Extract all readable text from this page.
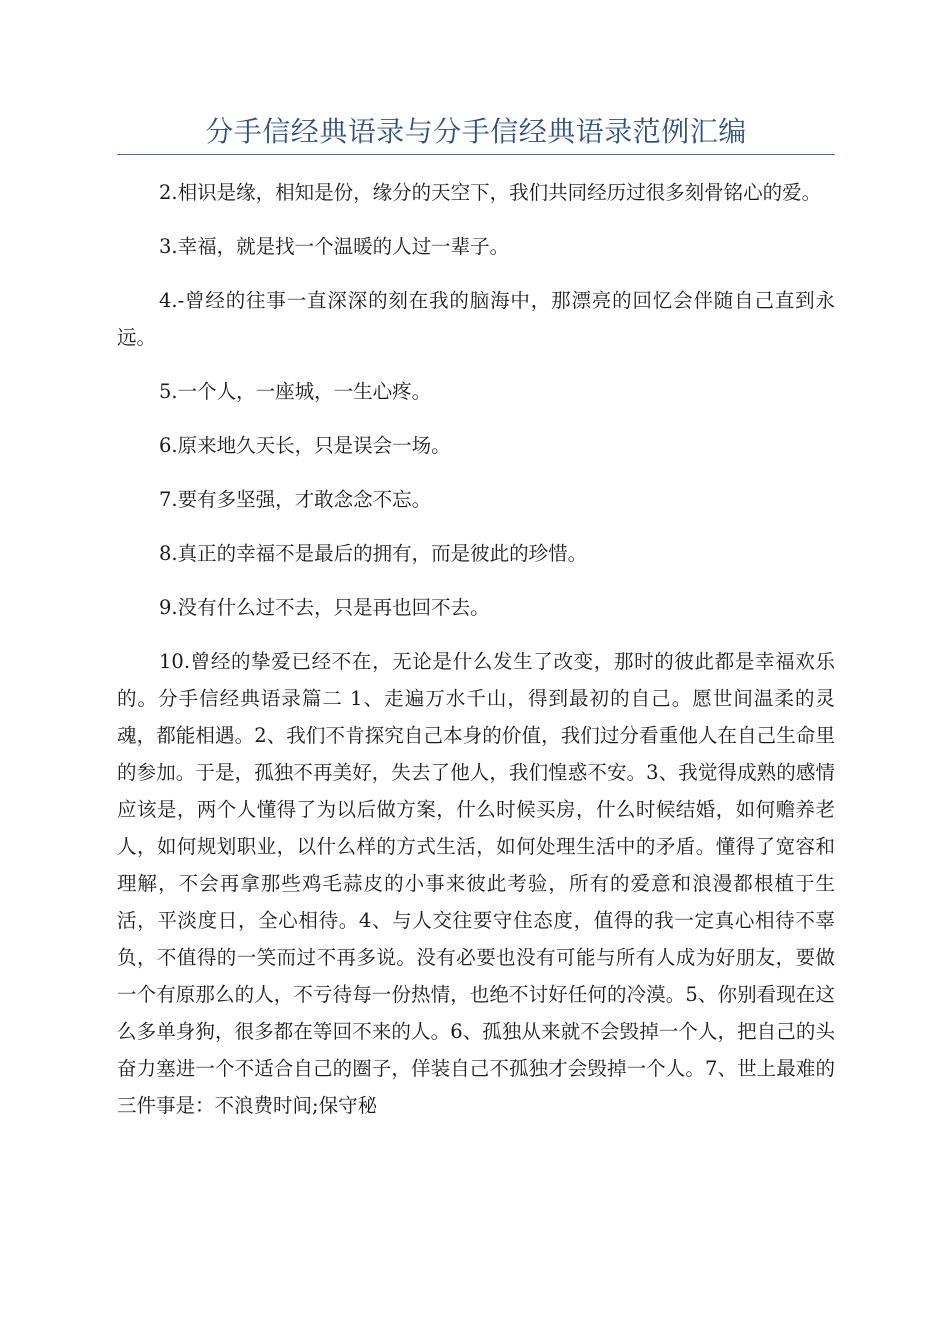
分手信经典语录与分手信经典语录范例汇编

2.相识是缘，相知是份，缘分的天空下，我们共同经历过很多刻骨铭心的爱。

3.幸福，就是找一个温暖的人过一辈子。

4.-曾经的往事一直深深的刻在我的脑海中，那漂亮的回忆会伴随自己直到永远。

5.一个人，一座城，一生心疼。

6.原来地久天长，只是误会一场。

7.要有多坚强，才敢念念不忘。

8.真正的幸福不是最后的拥有，而是彼此的珍惜。

9.没有什么过不去，只是再也回不去。

10.曾经的挚爱已经不在，无论是什么发生了改变，那时的彼此都是幸福欢乐的。分手信经典语录篇二 1、走遍万水千山，得到最初的自己。愿世间温柔的灵魂，都能相遇。2、我们不肯探究自己本身的价值，我们过分看重他人在自己生命里的参加。于是，孤独不再美好，失去了他人，我们惶惑不安。3、我觉得成熟的感情应该是，两个人懂得了为以后做方案，什么时候买房，什么时候结婚，如何赡养老人，如何规划职业，以什么样的方式生活，如何处理生活中的矛盾。懂得了宽容和理解，不会再拿那些鸡毛蒜皮的小事来彼此考验，所有的爱意和浪漫都根植于生活，平淡度日，全心相待。4、与人交往要守住态度，值得的我一定真心相待不辜负，不值得的一笑而过不再多说。没有必要也没有可能与所有人成为好朋友，要做一个有原那么的人，不亏待每一份热情，也绝不讨好任何的冷漠。5、你别看现在这么多单身狗，很多都在等回不来的人。6、孤独从来就不会毁掉一个人，把自己的头奋力塞进一个不适合自己的圈子，佯装自己不孤独才会毁掉一个人。7、世上最难的三件事是：不浪费时间;保守秘
